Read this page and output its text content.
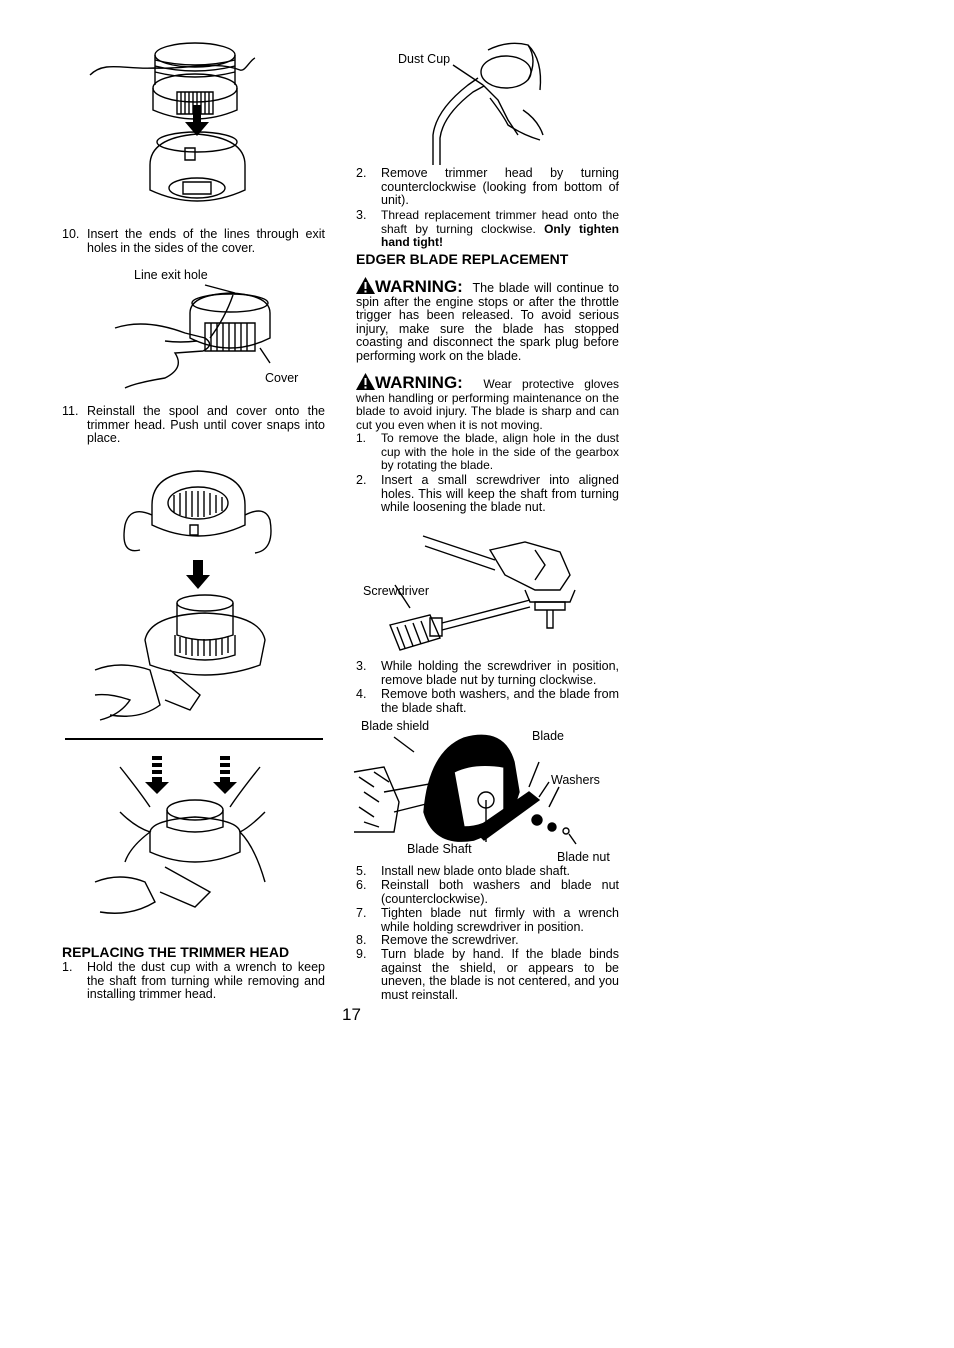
10. Insert the ends of the lines through exit holes in the sides of the cover.
Line exit hole
Cover
11. Reinstall the spool and cover onto the trimmer head. Push until cover snaps into place.
REPLACING THE TRIMMER HEAD
1. Hold the dust cup with a wrench to keep the shaft from turning while removing and installing trimmer head.
Dust Cup
2. Remove trimmer head by turning counterclockwise (looking from bottom of unit).
3. Thread replacement trimmer head onto the shaft by turning clockwise. Only tighten hand tight!
EDGER BLADE REPLACEMENT
WARNING: The blade will continue to spin after the engine stops or after the throttle trigger has been released. To avoid serious injury, make sure the blade has stopped coasting and disconnect the spark plug before performing work on the blade.
WARNING: Wear protective gloves when handling or performing maintenance on the blade to avoid injury. The blade is sharp and can cut you even when it is not moving.
1. To remove the blade, align hole in the dust cup with the hole in the side of the gearbox by rotating the blade.
2. Insert a small screwdriver into aligned holes. This will keep the shaft from turning while loosening the blade nut.
Screwdriver
3. While holding the screwdriver in position, remove blade nut by turning clockwise.
4. Remove both washers, and the blade from the blade shaft.
Blade shield
Blade
Washers
Blade Shaft
Blade nut
5. Install new blade onto blade shaft.
6. Reinstall both washers and blade nut (counterclockwise).
7. Tighten blade nut firmly with a wrench while holding screwdriver in position.
8. Remove the screwdriver.
9. Turn blade by hand. If the blade binds against the shield, or appears to be uneven, the blade is not centered, and you must reinstall.
17
